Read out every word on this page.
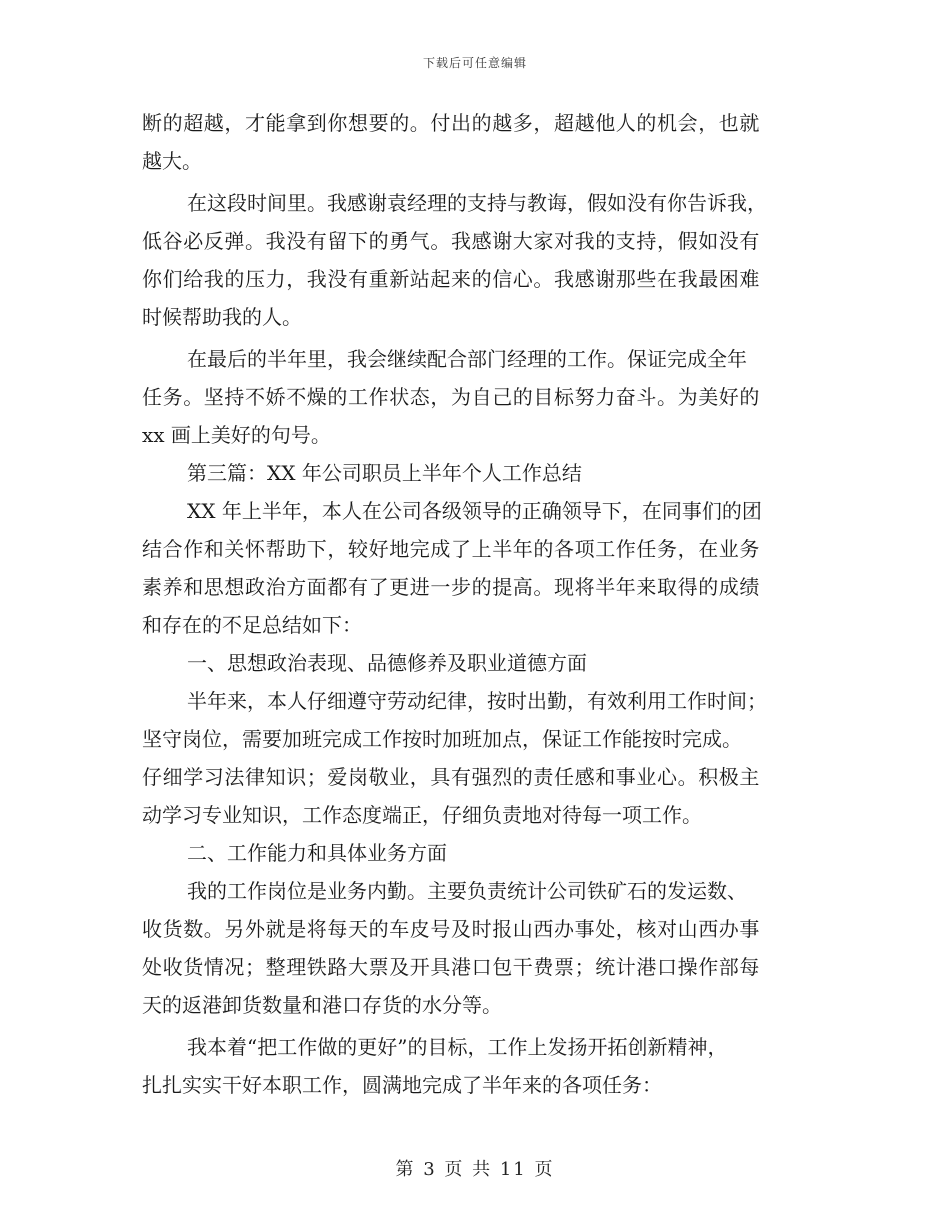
下载后可任意编辑
断的超越，才能拿到你想要的。付出的越多，超越他人的机会，也就
越大。
在这段时间里。我感谢袁经理的支持与教诲，假如没有你告诉我，
低谷必反弹。我没有留下的勇气。我感谢大家对我的支持，假如没有
你们给我的压力，我没有重新站起来的信心。我感谢那些在我最困难
时候帮助我的人。
在最后的半年里，我会继续配合部门经理的工作。保证完成全年
任务。坚持不娇不燥的工作状态，为自己的目标努力奋斗。为美好的
xx 画上美好的句号。
第三篇：XX 年公司职员上半年个人工作总结
XX 年上半年，本人在公司各级领导的正确领导下，在同事们的团
结合作和关怀帮助下，较好地完成了上半年的各项工作任务，在业务
素养和思想政治方面都有了更进一步的提高。现将半年来取得的成绩
和存在的不足总结如下：
一、思想政治表现、品德修养及职业道德方面
半年来，本人仔细遵守劳动纪律，按时出勤，有效利用工作时间；
坚守岗位，需要加班完成工作按时加班加点，保证工作能按时完成。
仔细学习法律知识；爱岗敬业，具有强烈的责任感和事业心。积极主
动学习专业知识，工作态度端正，仔细负责地对待每一项工作。
二、工作能力和具体业务方面
我的工作岗位是业务内勤。主要负责统计公司铁矿石的发运数、
收货数。另外就是将每天的车皮号及时报山西办事处，核对山西办事
处收货情况；整理铁路大票及开具港口包干费票；统计港口操作部每
天的返港卸货数量和港口存货的水分等。
我本着“把工作做的更好”的目标，工作上发扬开拓创新精神，
扎扎实实干好本职工作，圆满地完成了半年来的各项任务：
第 3 页 共 11 页
